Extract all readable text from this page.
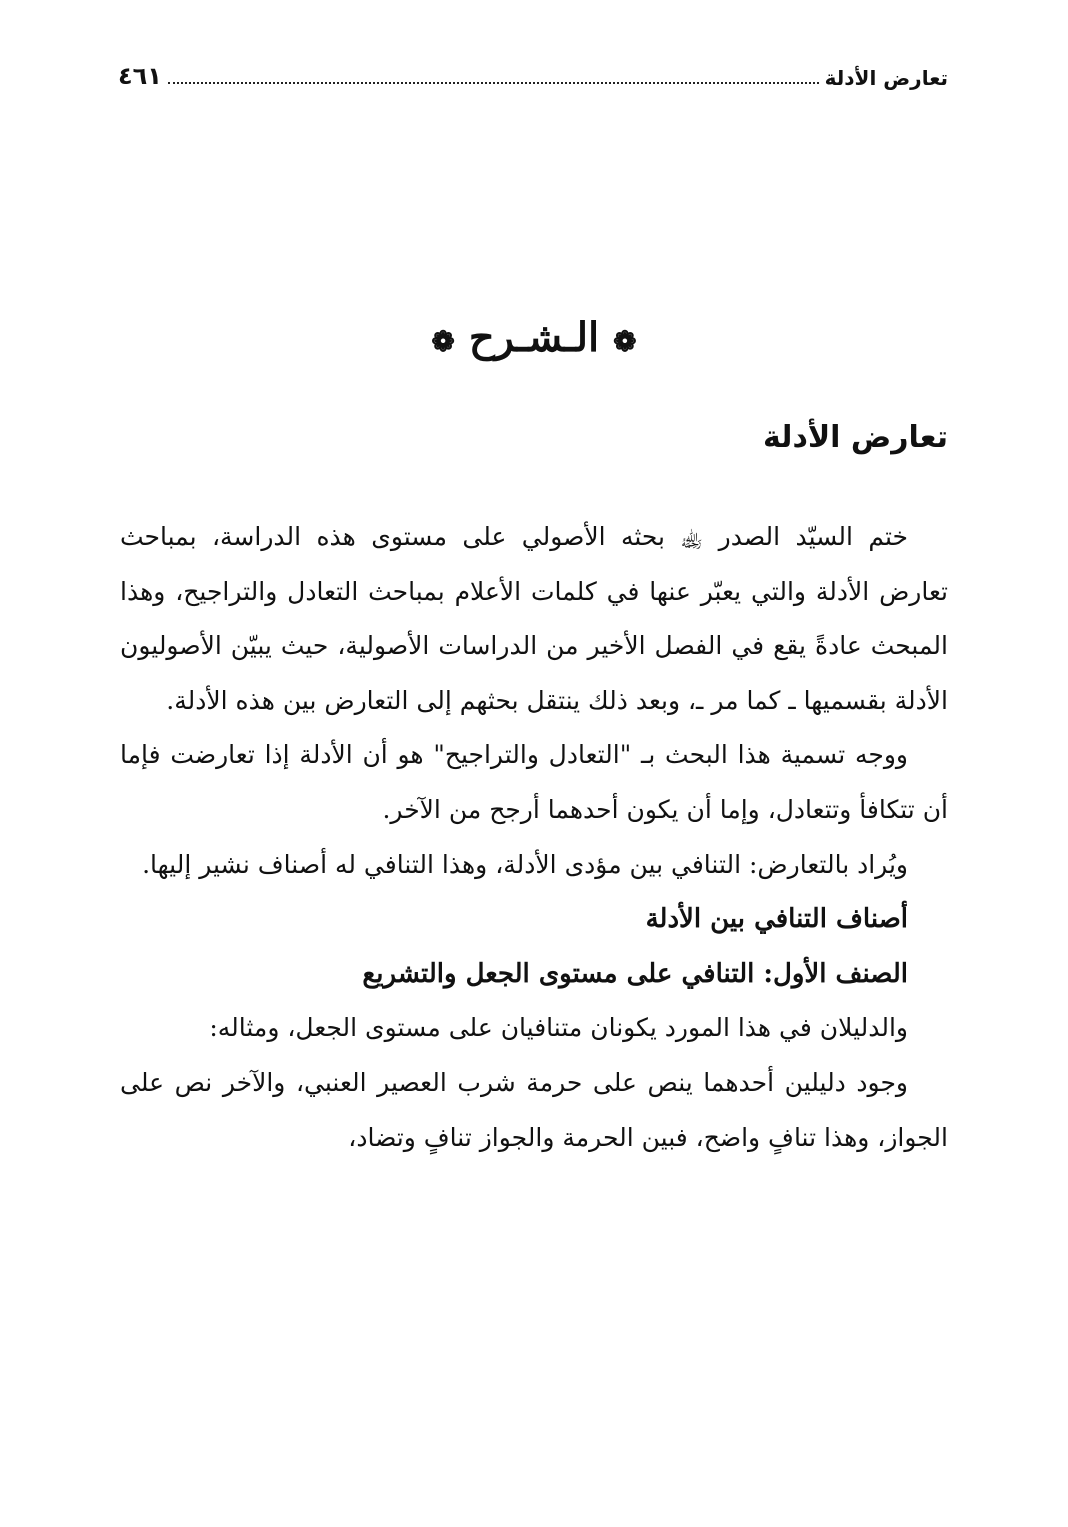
تعارض الأدلة
٤٦١
❁الـشـرح❁
تعارض الأدلة

ختم السيّد الصدر ﵀ بحثه الأصولي على مستوى هذه الدراسة، بمباحث تعارض الأدلة والتي يعبّر عنها في كلمات الأعلام بمباحث التعادل والتراجيح، وهذا المبحث عادةً يقع في الفصل الأخير من الدراسات الأصولية، حيث يبيّن الأصوليون الأدلة بقسميها ـ كما مر ـ، وبعد ذلك ينتقل بحثهم إلى التعارض بين هذه الأدلة.

ووجه تسمية هذا البحث بـ "التعادل والتراجيح" هو أن الأدلة إذا تعارضت فإما أن تتكافأ وتتعادل، وإما أن يكون أحدهما أرجح من الآخر.

ويُراد بالتعارض: التنافي بين مؤدى الأدلة، وهذا التنافي له أصناف نشير إليها.

أصناف التنافي بين الأدلة
الصنف الأول: التنافي على مستوى الجعل والتشريع
والدليلان في هذا المورد يكونان متنافيان على مستوى الجعل، ومثاله:

وجود دليلين أحدهما ينص على حرمة شرب العصير العنبي، والآخر نص على الجواز، وهذا تنافٍ واضح، فبين الحرمة والجواز تنافٍ وتضاد،
